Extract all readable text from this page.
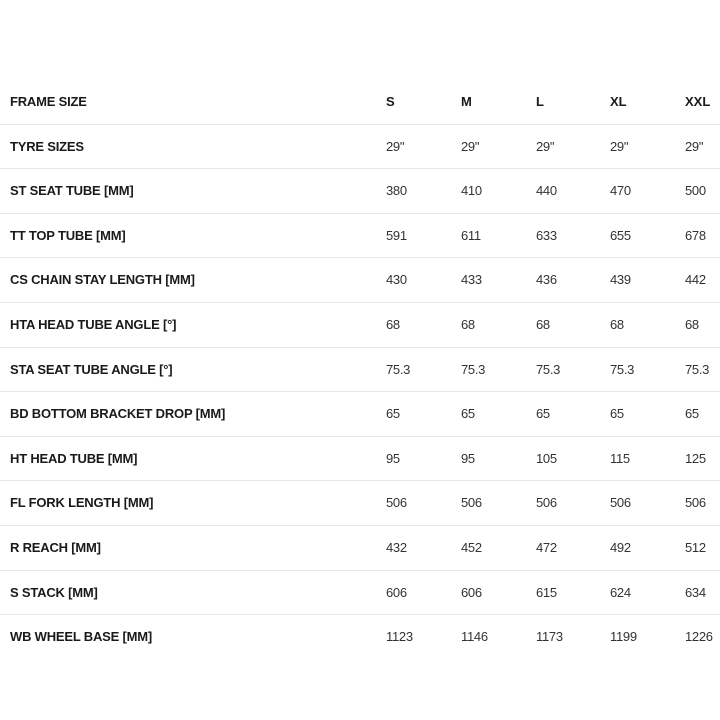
FRAME SIZE	S	M	L	XL	XXL
TYRE SIZES	29"	29"	29"	29"	29"
ST SEAT TUBE [MM]	380	410	440	470	500
TT TOP TUBE [MM]	591	611	633	655	678
CS CHAIN STAY LENGTH [MM]	430	433	436	439	442
HTA HEAD TUBE ANGLE [°]	68	68	68	68	68
STA SEAT TUBE ANGLE [°]	75.3	75.3	75.3	75.3	75.3
BD BOTTOM BRACKET DROP [MM]	65	65	65	65	65
HT HEAD TUBE [MM]	95	95	105	115	125
FL FORK LENGTH [MM]	506	506	506	506	506
R REACH [MM]	432	452	472	492	512
S STACK [MM]	606	606	615	624	634
WB WHEEL BASE [MM]	1123	1146	1173	1199	1226
